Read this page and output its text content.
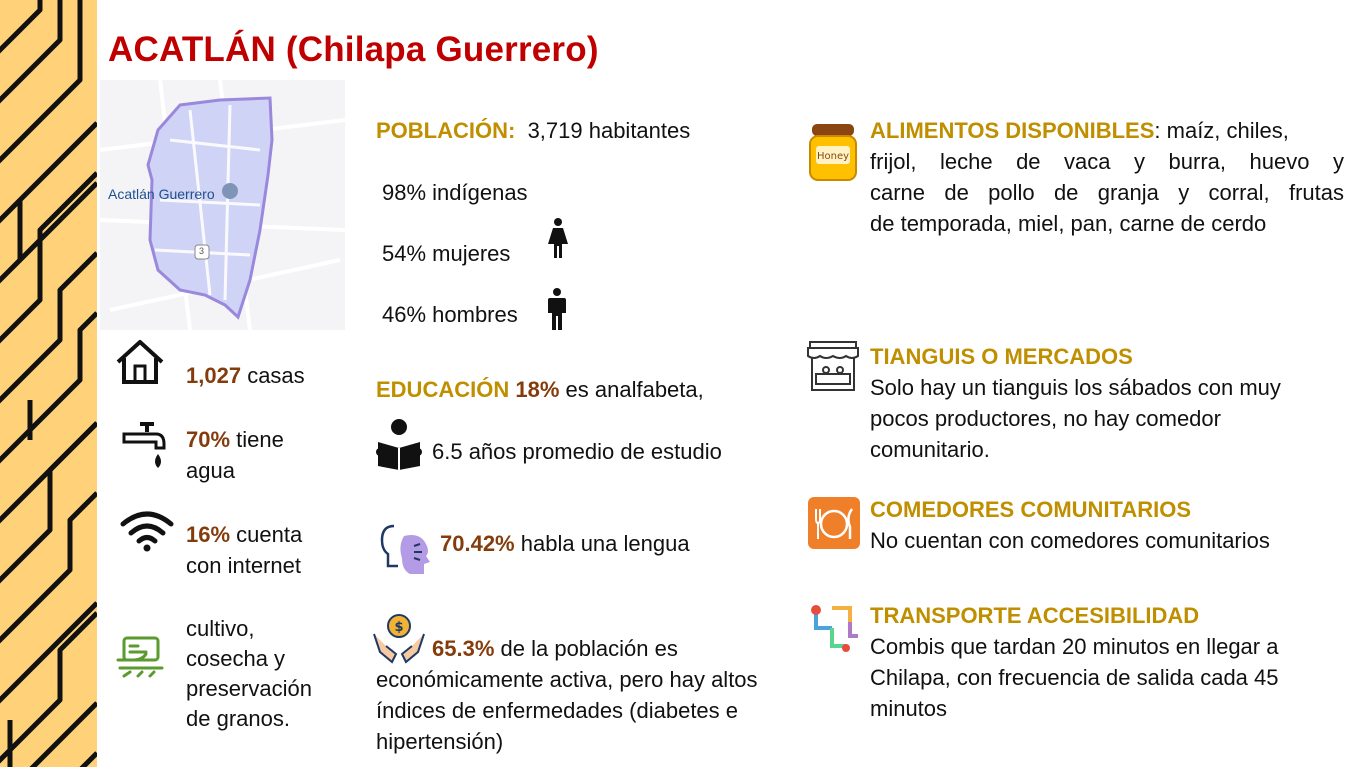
ACATLÁN (Chilapa Guerrero)
Acatlán Guerrero
3
1,027 casas
70% tiene
agua
16% cuenta
con internet
cultivo,
cosecha y
preservación
de granos.
POBLACIÓN: 3,719 habitantes
98% indígenas
54% mujeres
46% hombres
EDUCACIÓN 18% es analfabeta,
6.5 años promedio de estudio
70.42% habla una lengua
$
65.3% de la población es
económicamente activa, pero hay altos
índices de enfermedades (diabetes e
hipertensión)
Honey
ALIMENTOS DISPONIBLES: maíz, chiles,
frijol, leche de vaca y burra, huevo y
carne de pollo de granja y corral, frutas
de temporada, miel, pan, carne de cerdo
TIANGUIS O MERCADOS
Solo hay un tianguis los sábados con muy
pocos productores, no hay comedor
comunitario.
COMEDORES COMUNITARIOS
No cuentan con comedores comunitarios
TRANSPORTE ACCESIBILIDAD
Combis que tardan 20 minutos en llegar a
Chilapa, con frecuencia de salida cada 45
minutos
